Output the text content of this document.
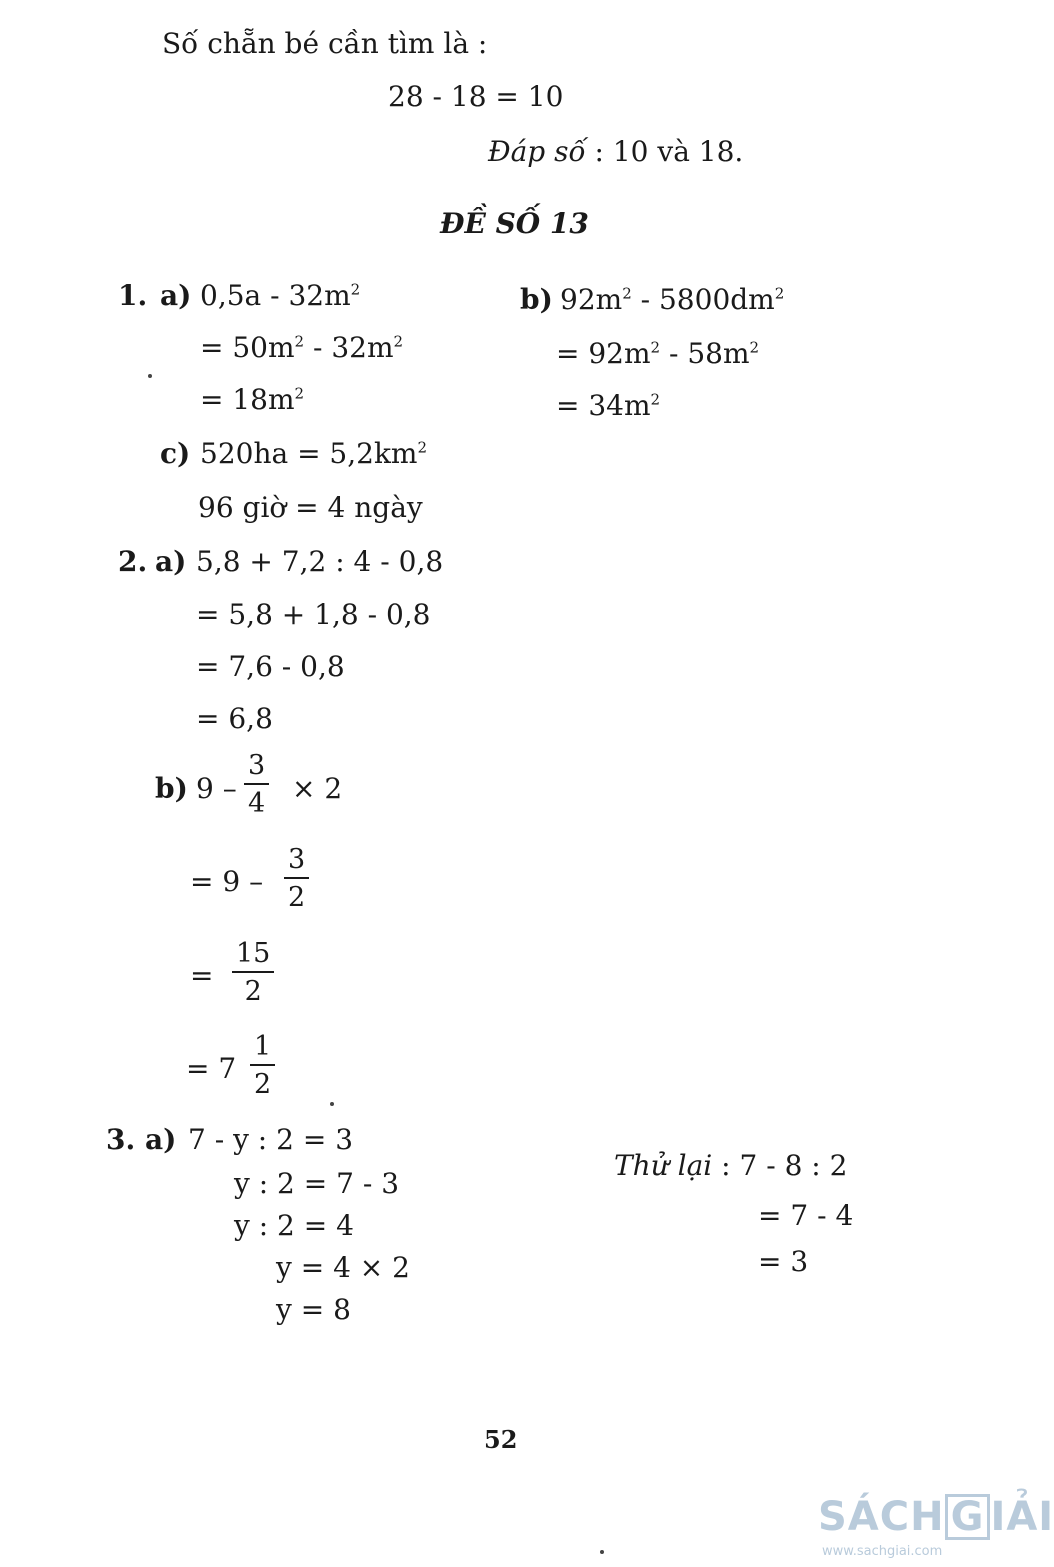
Số chẵn bé cần tìm là :
28 - 18 = 10
Đáp số : 10 và 18.
ĐỀ SỐ 13
1. a) $0,5a - 32m^2$
= $50m^2 - 32m^2$
= $18m^2$
b) $92m^2 - 5800dm^2$
= $92m^2 - 58m^2$
= $34m^2$
c) $520ha = 5,2km^2$
96 giờ = 4 ngày
2. a) 5,8 + 7,2 : 4 - 0,8
= 5,8 + 1,8 - 0,8
= 7,6 - 0,8
= 6,8
b) 9 –
3
4 × 2
= 9 –
3
2
=
15
2
= 7
1
2
3. a) 7 - y : 2 = 3
y : 2 = 7 - 3
y : 2 = 4
y = 4 × 2
y = 8
Thử lại : 7 - 8 : 2
= 7 - 4
= 3
52
SÁCH G IẢI
www.sachgiai.com
